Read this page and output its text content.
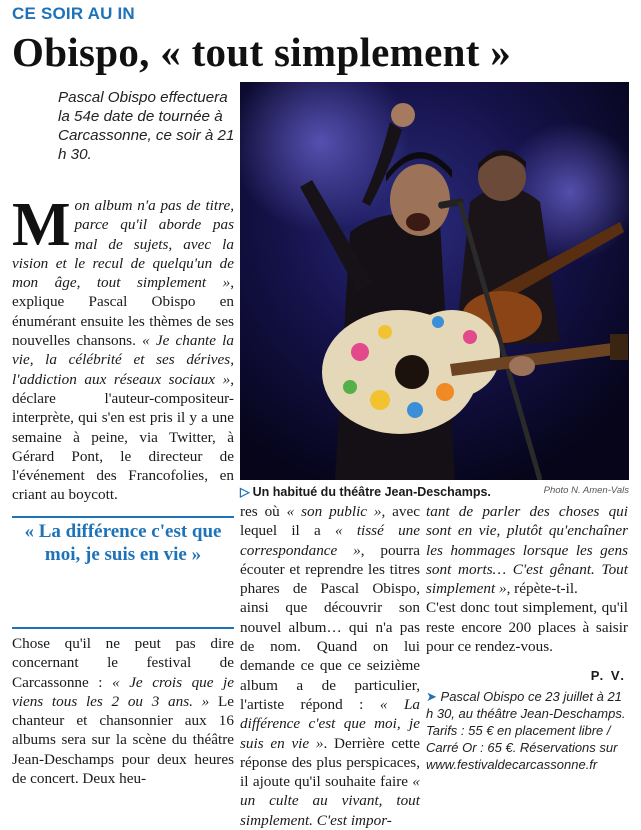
CE SOIR AU IN
Obispo, « tout simplement »
Pascal Obispo effectuera la 54e date de tournée à Carcassonne, ce soir à 21 h 30.
Mon album n'a pas de titre, parce qu'il aborde pas mal de sujets, avec la vision et le recul de quelqu'un de mon âge, tout simplement », explique Pascal Obispo en énumérant ensuite les thèmes de ses nouvelles chansons. « Je chante la vie, la célébrité et ses dérives, l'addiction aux réseaux sociaux », déclare l'auteur-compositeur-interprète, qui s'en est pris il y a une semaine à peine, via Twitter, à Gérard Pont, le directeur de l'événement des Francofolies, en criant au boycott.
« La différence c'est que moi, je suis en vie »
Chose qu'il ne peut pas dire concernant le festival de Carcassonne : « Je crois que je viens tous les 2 ou 3 ans. » Le chanteur et chansonnier aux 16 albums sera sur la scène du théâtre Jean-Deschamps pour deux heures de concert. Deux heu-
▷ Un habitué du théâtre Jean-Deschamps.	Photo N. Amen-Vals
res où « son public », avec lequel il a « tissé une correspondance », pourra écouter et reprendre les titres phares de Pascal Obispo, ainsi que découvrir son nouvel album… qui n'a pas de nom. Quand on lui demande ce que ce seizième album a de particulier, l'artiste répond : « La différence c'est que moi, je suis en vie ». Derrière cette réponse des plus perspicaces, il ajoute qu'il souhaite faire « un culte au vivant, tout simplement. C'est impor-
tant de parler des choses qui sont en vie, plutôt qu'enchaîner les hommages lorsque les gens sont morts… C'est gênant. Tout simplement », répète-t-il.
C'est donc tout simplement, qu'il reste encore 200 places à saisir pour ce rendez-vous.
P. V.
➤ Pascal Obispo ce 23 juillet à 21 h 30, au théâtre Jean-Deschamps. Tarifs : 55 € en placement libre / Carré Or : 65 €. Réservations sur www.festivaldecarcassonne.fr
